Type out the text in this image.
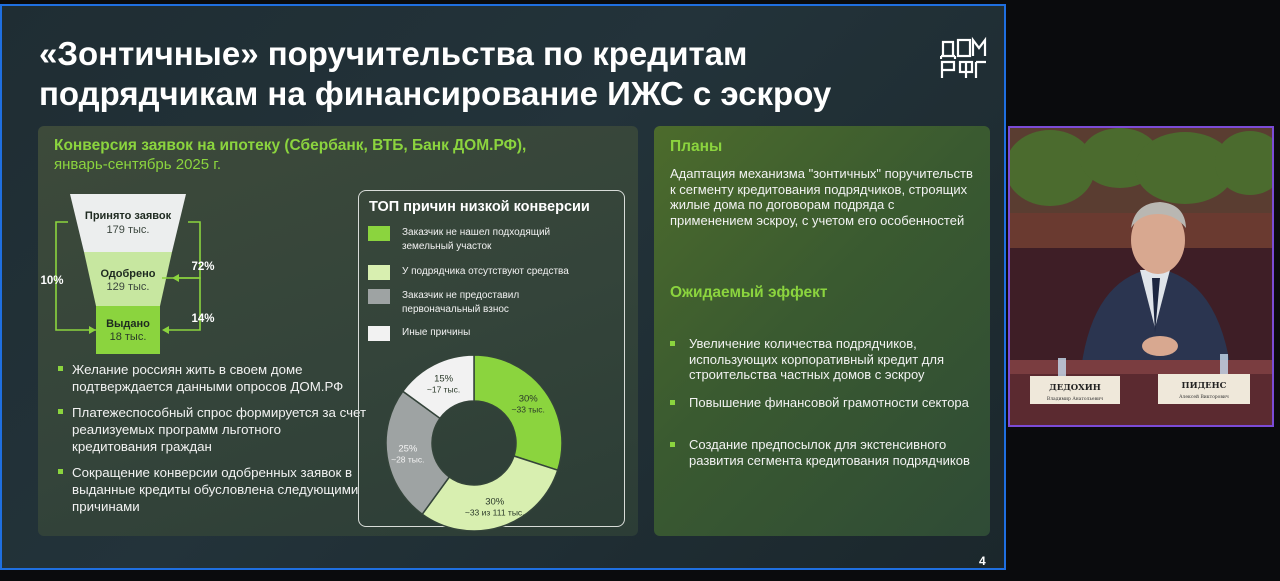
«Зонтичные» поручительства по кредитам
подрядчикам на финансирование ИЖС с эскроу
Конверсия заявок на ипотеку (Сбербанк, ВТБ, Банк ДОМ.РФ),
январь-сентябрь 2025 г.
Принято заявок
179 тыс.
Одобрено
129 тыс.
Выдано
18 тыс.
10%
72%
14%
Желание россиян жить в своем доме подтверждается данными опросов ДОМ.РФ
Платежеспособный спрос формируется за счет реализуемых программ льготного кредитования граждан
Сокращение конверсии одобренных заявок в выданные кредиты обусловлена следующими причинами
ТОП причин низкой конверсии
Заказчик не нашел подходящий земельный участок
У подрядчика отсутствуют средства
Заказчик не предоставил первоначальный взнос
Иные причины
30%
~33 тыс.
30%
~33 из 111 тыс.
25%
~28 тыс.
15%
~17 тыс.
Планы
Адаптация механизма "зонтичных" поручительств к сегменту кредитования подрядчиков, строящих жилые дома по договорам подряда с применением эскроу, с учетом его особенностей
Ожидаемый эффект
Увеличение количества подрядчиков, использующих корпоративный кредит для строительства частных домов с эскроу
Повышение финансовой грамотности сектора
Создание предпосылок для экстенсивного развития сегмента кредитования подрядчиков
4
ДЕДОХИН
Владимир Анатольевич
ПИДЕНС
Алексей Викторович
